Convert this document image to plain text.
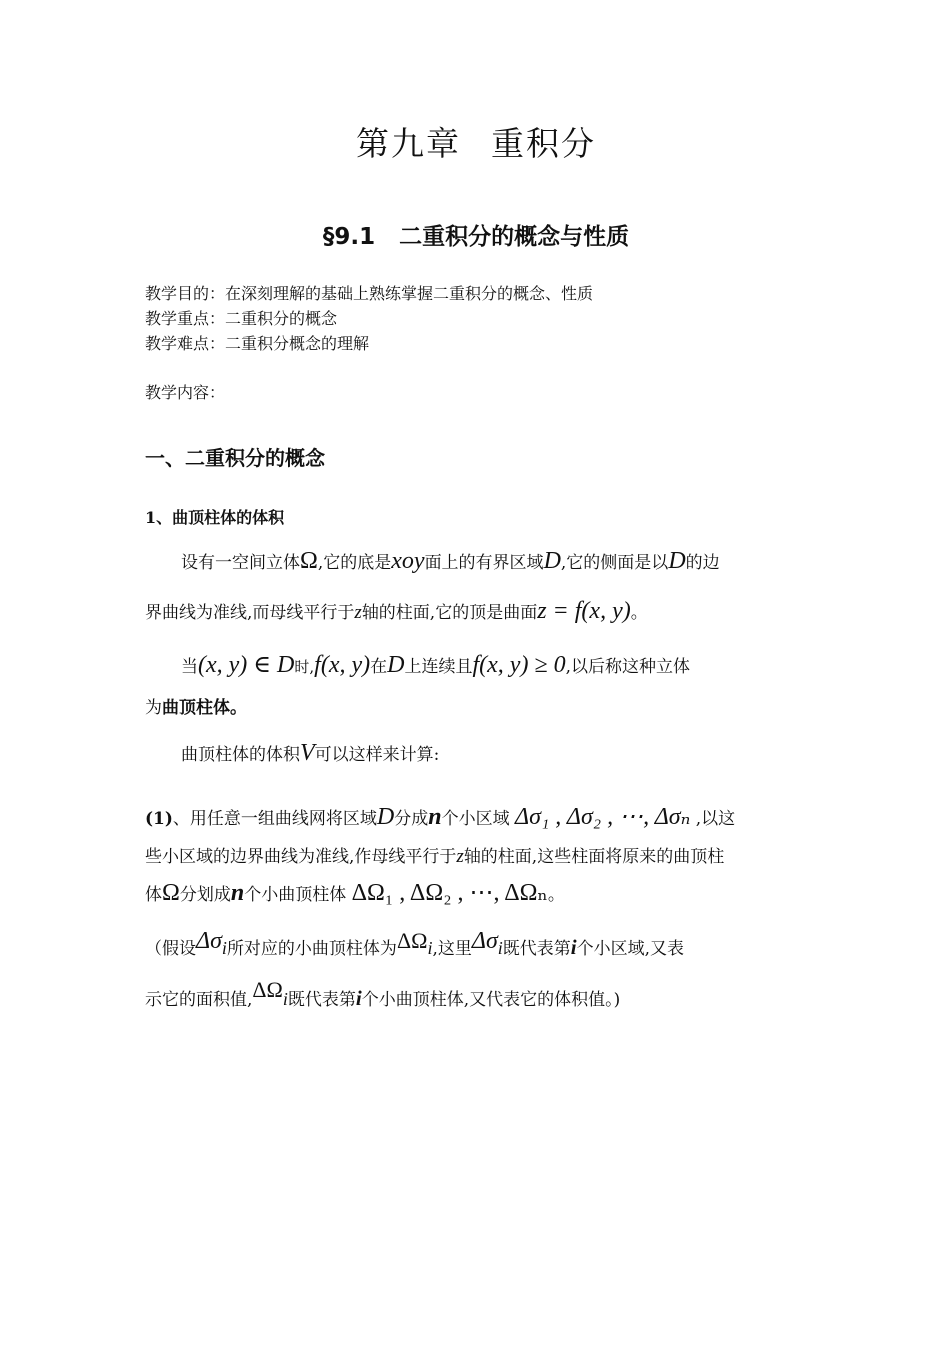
第九章 重积分
§9.1 二重积分的概念与性质
教学目的：在深刻理解的基础上熟练掌握二重积分的概念、性质
教学重点：二重积分的概念
教学难点：二重积分概念的理解
教学内容：
一、二重积分的概念
1、曲顶柱体的体积
设有一空间立体Ω,它的底是xoy面上的有界区域D,它的侧面是以D的边
界曲线为准线,而母线平行于z轴的柱面,它的顶是曲面z = f(x, y)。
当(x, y) ∈ D时,f(x, y)在D上连续且f(x, y) ≥ 0,以后称这种立体
为曲顶柱体。
曲顶柱体的体积V可以这样来计算:
(1)、用任意一组曲线网将区域D分成n个小区域 Δσ₁ , Δσ₂ , ⋯, Δσₙ ,以这
些小区域的边界曲线为准线,作母线平行于z轴的柱面,这些柱面将原来的曲顶柱
体Ω分划成n个小曲顶柱体 ΔΩ₁ , ΔΩ₂ , ⋯, ΔΩₙ。
（假设Δσi所对应的小曲顶柱体为ΔΩi,这里Δσi既代表第i个小区域,又表
示它的面积值,ΔΩi既代表第i个小曲顶柱体,又代表它的体积值。)
